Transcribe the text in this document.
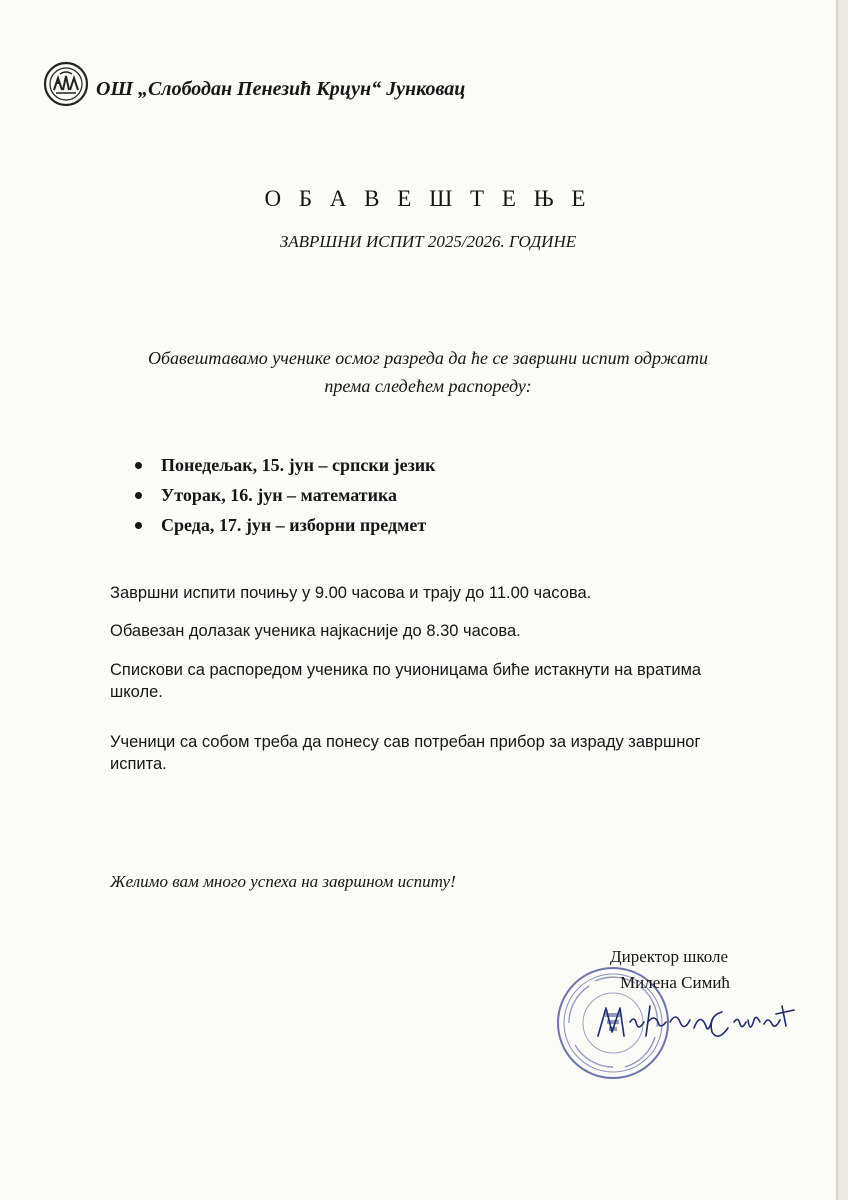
ОШ „Слободан Пенезић Крцун“ Јунковац
О Б А В Е Ш Т Е Њ Е
ЗАВРШНИ ИСПИТ 2025/2026. ГОДИНЕ
Обавештавамо ученике осмог разреда да ће се завршни испит одржати
према следећем распореду:
Понедељак, 15. јун – српски језик
Уторак, 16. јун – математика
Среда, 17. јун – изборни предмет

Завршни испити почињу у 9.00 часова и трају до 11.00 часова.

Обавезан долазак ученика најкасније до 8.30 часова.

Спискови са распоредом ученика по учионицама биће истакнути на вратима школе.

Ученици са собом треба да понесу сав потребан прибор за израду завршног испита.

Желимо вам много успеха на завршном испиту!
Директор школе
Милена Симић
